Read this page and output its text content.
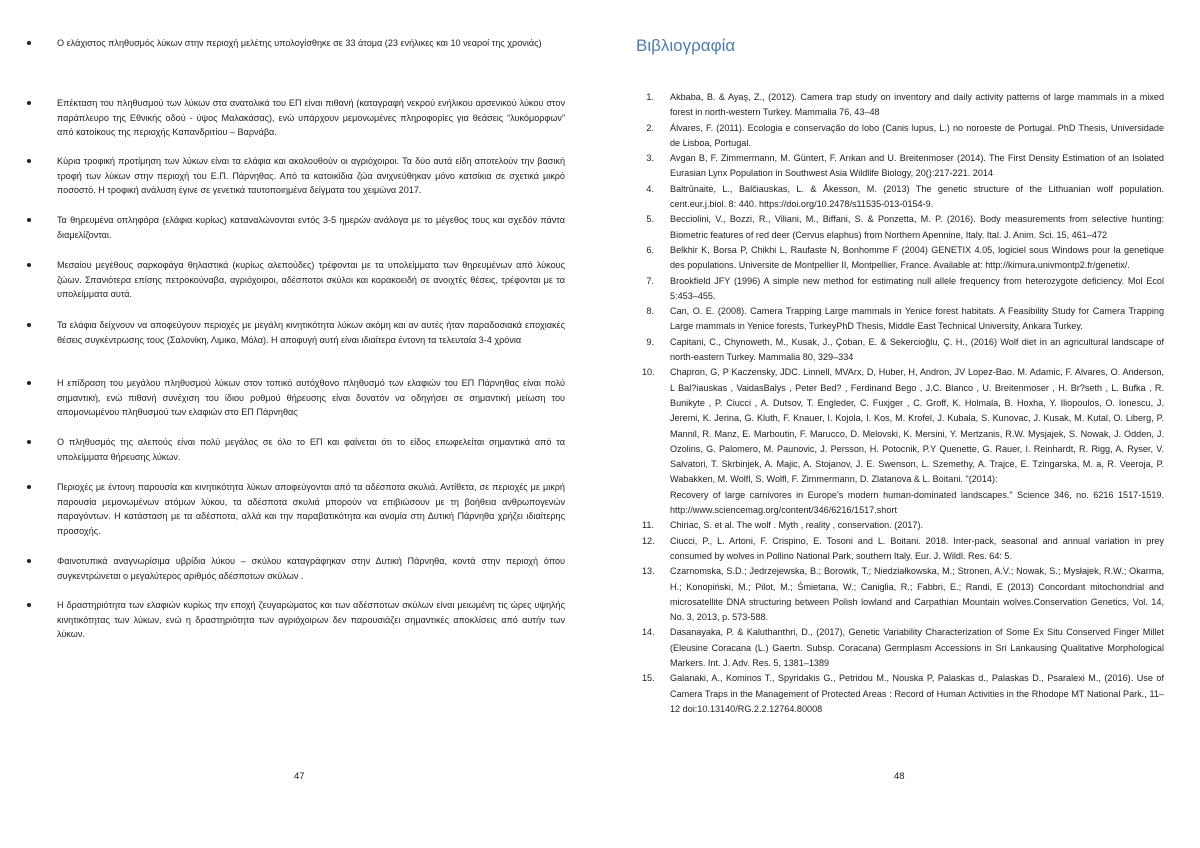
Ο ελάχιστος πληθυσμός λύκων στην περιοχή μελέτης υπολογίσθηκε σε 33 άτομα (23 ενήλικες και 10 νεαροί της χρονιάς)
Επέκταση του πληθυσμού των λύκων στα ανατολικά του ΕΠ είναι πιθανή (καταγραφή νεκρού ενήλικου αρσενικού λύκου στον παράπλευρο της Εθνικής οδού - ύψος Μαλακάσας), ενώ υπάρχουν μεμονωμένες πληροφορίες για θεάσεις “λυκόμορφων” από κατοίκους της περιοχής Καπανδριτίου – Βαρνάβα.
Κύρια τροφική προτίμηση των λύκων είναι τα ελάφια και ακολουθούν οι αγριόχοιροι. Τα δύο αυτά είδη αποτελούν την βασική τροφή των λύκων στην περιοχή του Ε.Π. Πάρνηθας. Από τα κατοικίδια ζώα ανιχνεύθηκαν μόνο κατσίκια σε σχετικά μικρό ποσοστό. Η τροφική ανάλυση έγινε σε γενετικά ταυτοποιημένα δείγματα του χειμώνα 2017.
Τα θηρευμένα οπληφόρα (ελάφια κυρίως) καταναλώνονται εντός 3-5 ημερών ανάλογα με το μέγεθος τους και σχεδόν πάντα διαμελίζονται.
Μεσαίου μεγέθους σαρκοφάγα θηλαστικά (κυρίως αλεπούδες) τρέφονται με τα υπολείμματα των θηρευμένων από λύκους ζώων. Σπανιότερα επίσης πετροκούναβα, αγριόχοιροι, αδέσποτοι σκύλοι και κορακοειδή σε ανοιχτές θέσεις, τρέφονται με τα υπολείμματα αυτά.
Τα ελάφια δείχνουν να αποφεύγουν περιοχές με μεγάλη κινητικότητα λύκων ακόμη και αν αυτές ήταν παραδοσιακά εποχιακές θέσεις συγκέντρωσης τους (Σαλονίκη, Λιμικο, Μόλα). Η αποφυγή αυτή είναι ιδιαίτερα έντονη τα τελευταία 3-4 χρόνια
Η επίδραση του μεγάλου πληθυσμού λύκων στον τοπικό αυτόχθονο πληθυσμό των ελαφιών του ΕΠ Πάρνηθας είναι πολύ σημαντική, ενώ πιθανή συνέχιση του ίδιου ρυθμού θήρευσης είναι δυνατόν να οδηγήσει σε σημαντική μείωση του απομονωμένου πληθυσμού των ελαφιών στο ΕΠ Πάρνηθας
Ο πληθυσμός της αλεπούς είναι πολύ μεγάλος σε όλο το ΕΠ και φαίνεται ότι το είδος επωφελείται σημαντικά από τα υπολείμματα θήρευσης λύκων.
Περιοχές με έντονη παρουσία και κινητικότητα λύκων αποφεύγονται από τα αδέσποτα σκυλιά. Αντίθετα, σε περιοχές με μικρή παρουσία μεμονωμένων ατόμων λύκου, τα αδέσποτα σκυλιά μπορούν να επιβιώσουν με τη βοήθεια ανθρωπογενών παραγόντων. Η κατάσταση με τα αδέσποτα, αλλά και την παραβατικότητα και ανομία στη Δυτική Πάρνηθα χρήζει ιδιαίτερης προσοχής.
Φαινοτυπικά αναγνωρίσιμα υβρίδια λύκου – σκύλου καταγράφηκαν στην Δυτική Πάρνηθα, κοντά στην περιοχή όπου συγκεντρώνεται ο μεγαλύτερος αριθμός αδέσποτων σκύλων .
Η δραστηριότητα των ελαφιών κυρίως την εποχή ζευγαρώματος και των αδέσποτων σκύλων είναι μειωμένη τις ώρες υψηλής κινητικότητας των λύκων, ενώ η δραστηριότητα των αγριόχοιρων δεν παρουσιάζει σημαντικές αποκλίσεις από αυτήν των λύκων.
47
Βιβλιογραφία
1. Akbaba, B. & Ayaş, Z., (2012). Camera trap study on inventory and daily activity patterns of large mammals in a mixed forest in north-western Turkey. Mammalia 76, 43–48
2. Álvares, F. (2011). Ecologia e conservação do lobo (Canis lupus, L.) no noroeste de Portugal. PhD Thesis, Universidade de Lisboa, Portugal.
3. Avgan B, F. Zimmermann, M. Güntert, F. Arıkan and U. Breitenmoser (2014). The First Density Estimation of an Isolated Eurasian Lynx Population in Southwest Asia Wildlife Biology, 20():217-221. 2014
4. Baltrūnaitė, L., Balčiauskas, L. & Åkesson, M. (2013) The genetic structure of the Lithuanian wolf population. cent.eur.j.biol. 8: 440. https://doi.org/10.2478/s11535-013-0154-9.
5. Becciolini, V., Bozzi, R., Viliani, M., Biffani, S. & Ponzetta, M. P. (2016). Body measurements from selective hunting: Biometric features of red deer (Cervus elaphus) from Northern Apennine, Italy. Ital. J. Anim. Sci. 15, 461–472
6. Belkhir K, Borsa P, Chikhi L, Raufaste N, Bonhomme F (2004) GENETIX 4.05, logiciel sous Windows pour la genetique des populations. Universite de Montpellier II, Montpellier, France. Available at: http://kimura.univmontp2.fr/genetix/.
7. Brookfield JFY (1996) A simple new method for estimating null allele frequency from heterozygote deficiency. Mol Ecol 5:453–455.
8. Can, O. E. (2008). Camera Trapping Large mammals in Yenice forest habitats. A Feasibility Study for Camera Trapping Large mammals in Yenice forests, TurkeyPhD Thesis, Middle East Technical University, Ankara Turkey.
9. Capitani, C., Chynoweth, M., Kusak, J., Çoban, E. & Sekercioğlu, Ç. H., (2016) Wolf diet in an agricultural landscape of north-eastern Turkey. Mammalia 80, 329–334
10. Chapron, G, P Kaczensky, JDC. Linnell, MVArx, D, Huber, H, Andron, JV Lopez-Bao. M. Adamic, F. Alvares, O. Anderson, L Bal?iauskas , VaidasBalys , Peter Bed? , Ferdinand Bego , J.C. Blanco , U. Breitenmoser , H. Br?seth , L. Bufka , R. Bunikyte , P. Ciucci , A. Dutsov, T. Engleder, C. Fuxjger , C. Groff, K. Holmala, B. Hoxha, Y. Iliopoulos, O. Ionescu, J. Jeremi, K. Jerina, G. Kluth, F. Knauer, I. Kojola, I. Kos, M. Krofel, J. Kubala, S. Kunovac, J. Kusak, M. Kutal, O. Liberg, P. Mannil, R. Manz, E. Marboutin, F. Marucco, D. Melovski, K. Mersini, Y. Mertzanis, R.W. Mysjajek, S. Nowak, J. Odden, J. Ozolins, G. Palomero, M. Paunovic, J. Persson, H. Potocnik, P.Y Quenette, G. Rauer, I. Reinhardt, R. Rigg, A. Ryser, V. Salvatori, T. Skrbinjek, A. Majic, A. Stojanov, J. E. Swenson, L. Szemethy, A. Trajce, E. Tzingarska, M. a, R. Veeroja, P. Wabakken, M. Wolfl, S. Wolfl, F. Zimmermann, D. Zlatanova & L. Boitani. "(2014):
Recovery of large carnivores in Europe's modern human-dominated landscapes." Science 346, no. 6216 1517-1519. http://www.sciencemag.org/content/346/6216/1517.short
11. Chiriac, S. et al. The wolf . Myth , reality , conservation. (2017).
12. Ciucci, P., L. Artoni, F. Crispino, E. Tosoni and L. Boitani. 2018. Inter-pack, seasonal and annual variation in prey consumed by wolves in Pollino National Park, southern Italy. Eur. J. Wildl. Res. 64: 5.
13. Czarnomska, S.D.; Jedrzejewska, B.; Borowik, T.; Niedziałkowska, M.; Stronen, A.V.; Nowak, S.; Mysłajek, R.W.; Okarma, H.; Konopiński, M.; Pilot, M.; Śmietana, W.; Caniglia, R.; Fabbri, E.; Randi, E (2013) Concordant mitochondrial and microsatellite DNA structuring between Polish lowland and Carpathian Mountain wolves.Conservation Genetics, Vol. 14, No. 3, 2013, p. 573-588.
14. Dasanayaka, P. & Kaluthanthri, D., (2017), Genetic Variability Characterization of Some Ex Situ Conserved Finger Millet (Eleusine Coracana (L.) Gaertn. Subsp. Coracana) Germplasm Accessions in Sri Lankausing Qualitative Morphological Markers. Int. J. Adv. Res. 5, 1381–1389
15. Galanaki, A., Kominos T., Spyridakis G., Petridou M., Nouska P, Palaskas d., Palaskas D., Psaralexi M., (2016). Use of Camera Traps in the Management of Protected Areas : Record of Human Activities in the Rhodope MT National Park., 11–12 doi:10.13140/RG.2.2.12764.80008
48
